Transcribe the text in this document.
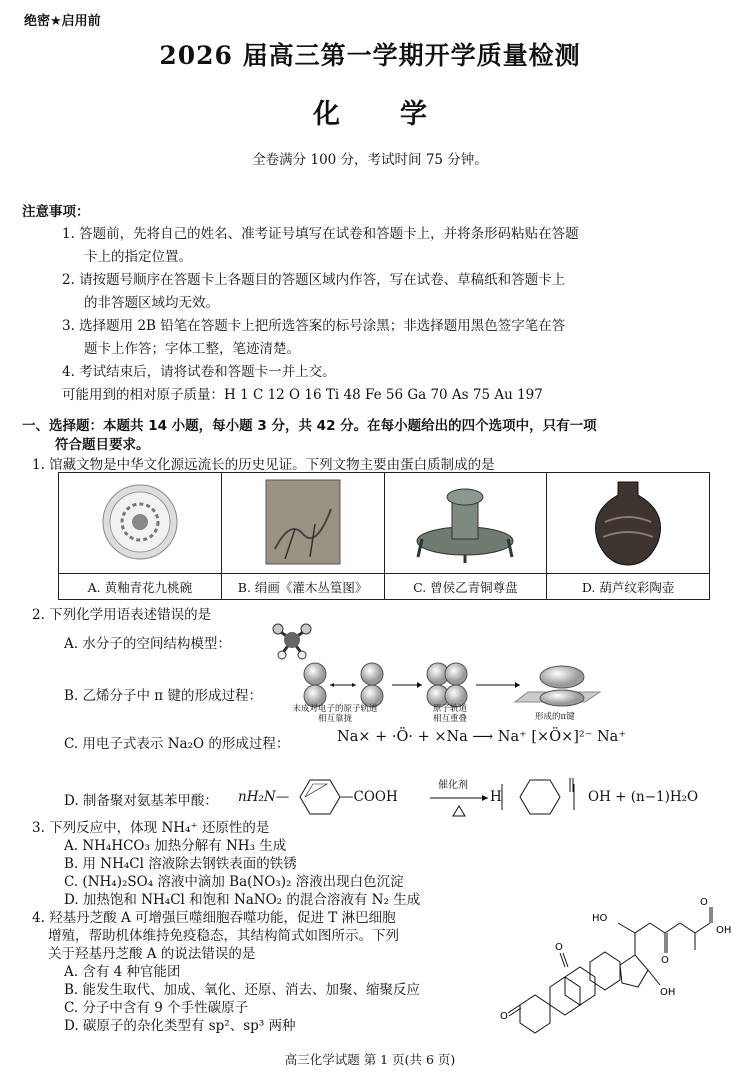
绝密★启用前
2026 届高三第一学期开学质量检测
化学
全卷满分 100 分，考试时间 75 分钟。
注意事项：
1. 答题前，先将自己的姓名、准考证号填写在试卷和答题卡上，并将条形码粘贴在答题
卡上的指定位置。
2. 请按题号顺序在答题卡上各题目的答题区域内作答，写在试卷、草稿纸和答题卡上
的非答题区域均无效。
3. 选择题用 2B 铅笔在答题卡上把所选答案的标号涂黑；非选择题用黑色签字笔在答
题卡上作答；字体工整，笔迹清楚。
4. 考试结束后，请将试卷和答题卡一并上交。
可能用到的相对原子质量：H 1 C 12 O 16 Ti 48 Fe 56 Ga 70 As 75 Au 197
一、选择题：本题共 14 小题，每小题 3 分，共 42 分。在每小题给出的四个选项中，只有一项
符合题目要求。
1. 馆藏文物是中华文化源远流长的历史见证。下列文物主要由蛋白质制成的是

A. 黄釉青花九桃碗	B. 绢画《灌木丛篁图》	C. 曾侯乙青铜尊盘	D. 葫芦纹彩陶壶
2. 下列化学用语表述错误的是
A. 水分子的空间结构模型：
B. 乙烯分子中 π 键的形成过程：
未成对电子的原子轨道相互靠拢
原子轨道相互重叠	形成的π键
C. 用电子式表示 Na₂O 的形成过程：	Na× + ·Ö· + ×Na ⟶ Na⁺ [×Ö×]²⁻ Na⁺
D. 制备聚对氨基苯甲酸： nH₂N—	—COOH
催化剂
H	OH + (n−1)H₂O
3. 下列反应中，体现 NH₄⁺ 还原性的是
A. NH₄HCO₃ 加热分解有 NH₃ 生成
B. 用 NH₄Cl 溶液除去钢铁表面的铁锈
C. (NH₄)₂SO₄ 溶液中滴加 Ba(NO₃)₂ 溶液出现白色沉淀
D. 加热饱和 NH₄Cl 和饱和 NaNO₂ 的混合溶液有 N₂ 生成
4. 羟基丹芝酸 A 可增强巨噬细胞吞噬功能，促进 T 淋巴细胞
增殖，帮助机体维持免疫稳态，其结构简式如图所示。下列
关于羟基丹芝酸 A 的说法错误的是
A. 含有 4 种官能团
B. 能发生取代、加成、氧化、还原、消去、加聚、缩聚反应
C. 分子中含有 9 个手性碳原子
D. 碳原子的杂化类型有 sp²、sp³ 两种
HO
O
OH
O
O
OH
O
高三化学试题 第 1 页(共 6 页)
